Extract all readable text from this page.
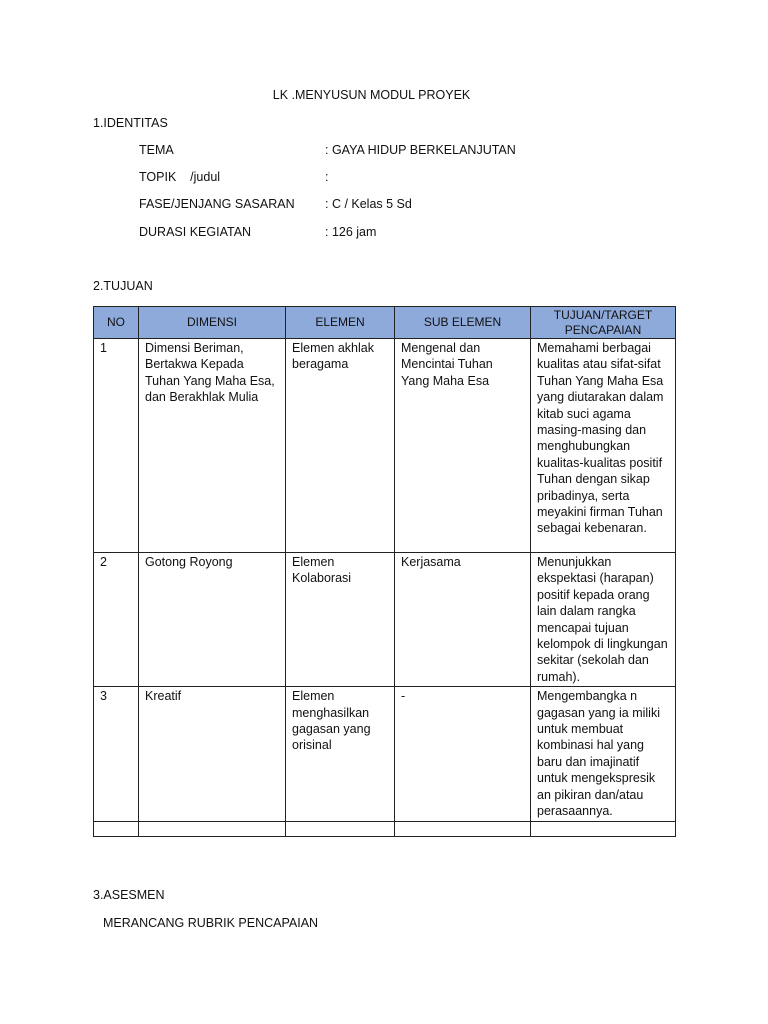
LK .MENYUSUN MODUL PROYEK
1.IDENTITAS
TEMA	: GAYA HIDUP BERKELANJUTAN
TOPIK    /judul	:
FASE/JENJANG SASARAN : C / Kelas 5 Sd
DURASI KEGIATAN	: 126 jam
2.TUJUAN
NO	DIMENSI	ELEMEN	SUB ELEMEN	TUJUAN/TARGET PENCAPAIAN
1	Dimensi Beriman, Bertakwa Kepada Tuhan Yang Maha Esa, dan Berakhlak Mulia	Elemen akhlak beragama	Mengenal dan Mencintai Tuhan Yang Maha Esa	Memahami berbagai kualitas atau sifat-sifat Tuhan Yang Maha Esa yang diutarakan dalam kitab suci agama masing-masing dan menghubungkan kualitas-kualitas positif Tuhan dengan sikap pribadinya, serta meyakini firman Tuhan sebagai kebenaran.
2	Gotong Royong	Elemen Kolaborasi	Kerjasama	Menunjukkan ekspektasi (harapan) positif kepada orang lain dalam rangka mencapai tujuan kelompok di lingkungan sekitar (sekolah dan rumah).
3	Kreatif	Elemen menghasilkan gagasan yang orisinal	-	Mengembangka n gagasan yang ia miliki untuk membuat kombinasi hal yang baru dan imajinatif untuk mengekspresik an pikiran dan/atau perasaannya.

3.ASESMEN
MERANCANG RUBRIK PENCAPAIAN
